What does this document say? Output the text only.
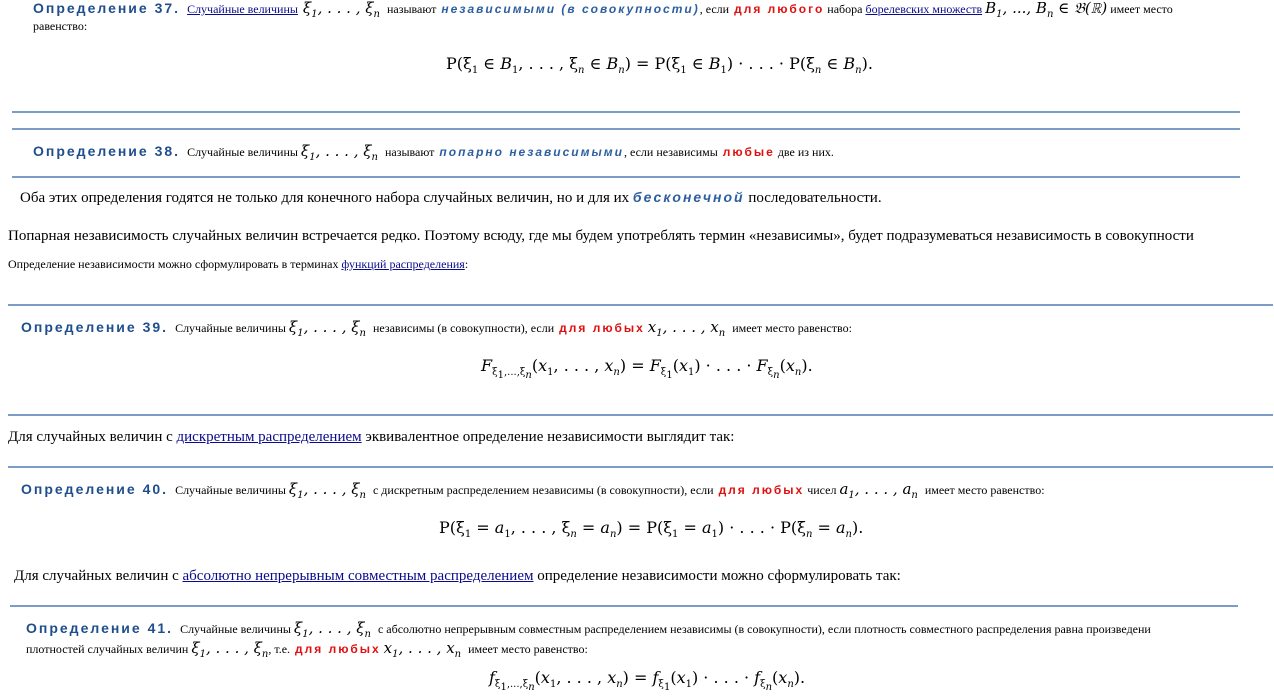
Определение 37. Случайные величины $\xi_1$, . . . , $\xi_n$ называют независимыми (в совокупности), если для любого набора борелевских множеств $B_1$, ..., $B_n$ ∈ 𝔅(ℝ) имеет место
равенство:
$P(\xi_1$ ∈ $B_1$, . . . , $\xi_n$ ∈ $B_n) = P(\xi_1$ ∈ $B_1$) · . . . · $P(\xi_n$ ∈ $B_n$).
Определение 38. Случайные величины $\xi_1$, . . . , $\xi_n$ называют попарно независимыми, если независимы любые две из них.
Оба этих определения годятся не только для конечного набора случайных величин, но и для их бесконечной последовательности.
Попарная независимость случайных величин встречается редко. Поэтому всюду, где мы будем употреблять термин «независимы», будет подразумеваться независимость в совокупности
Определение независимости можно сформулировать в терминах функций распределения:
Определение 39. Случайные величины $\xi_1$, . . . , $\xi_n$ независимы (в совокупности), если для любых $x_1$, . . . , $x_n$ имеет место равенство:
$F_{\xi_1,...,\xi_n}(x_1$, . . . , $x_n) = F_{\xi_1}(x_1)$ · . . . · $F_{\xi_n}(x_n)$.
Для случайных величин с дискретным распределением эквивалентное определение независимости выглядит так:
Определение 40. Случайные величины $\xi_1$, . . . , $\xi_n$ с дискретным распределением независимы (в совокупности), если для любых чисел $a_1$, . . . , $a_n$ имеет место равенство:
$P(\xi_1 = a_1$, . . . , $\xi_n = a_n) = P(\xi_1 = a_1)$ · . . . · $P(\xi_n = a_n)$.
Для случайных величин с абсолютно непрерывным совместным распределением определение независимости можно сформулировать так:
Определение 41. Случайные величины $\xi_1$, . . . , $\xi_n$ с абсолютно непрерывным совместным распределением независимы (в совокупности), если плотность совместного распределения равна произведени
плотностей случайных величин $\xi_1$, . . . , $\xi_n$, т.е. для любых $x_1$, . . . , $x_n$ имеет место равенство:
$f_{\xi_1,...,\xi_n}(x_1$, . . . , $x_n) = f_{\xi_1}(x_1)$ · . . . · $f_{\xi_n}(x_n)$.
